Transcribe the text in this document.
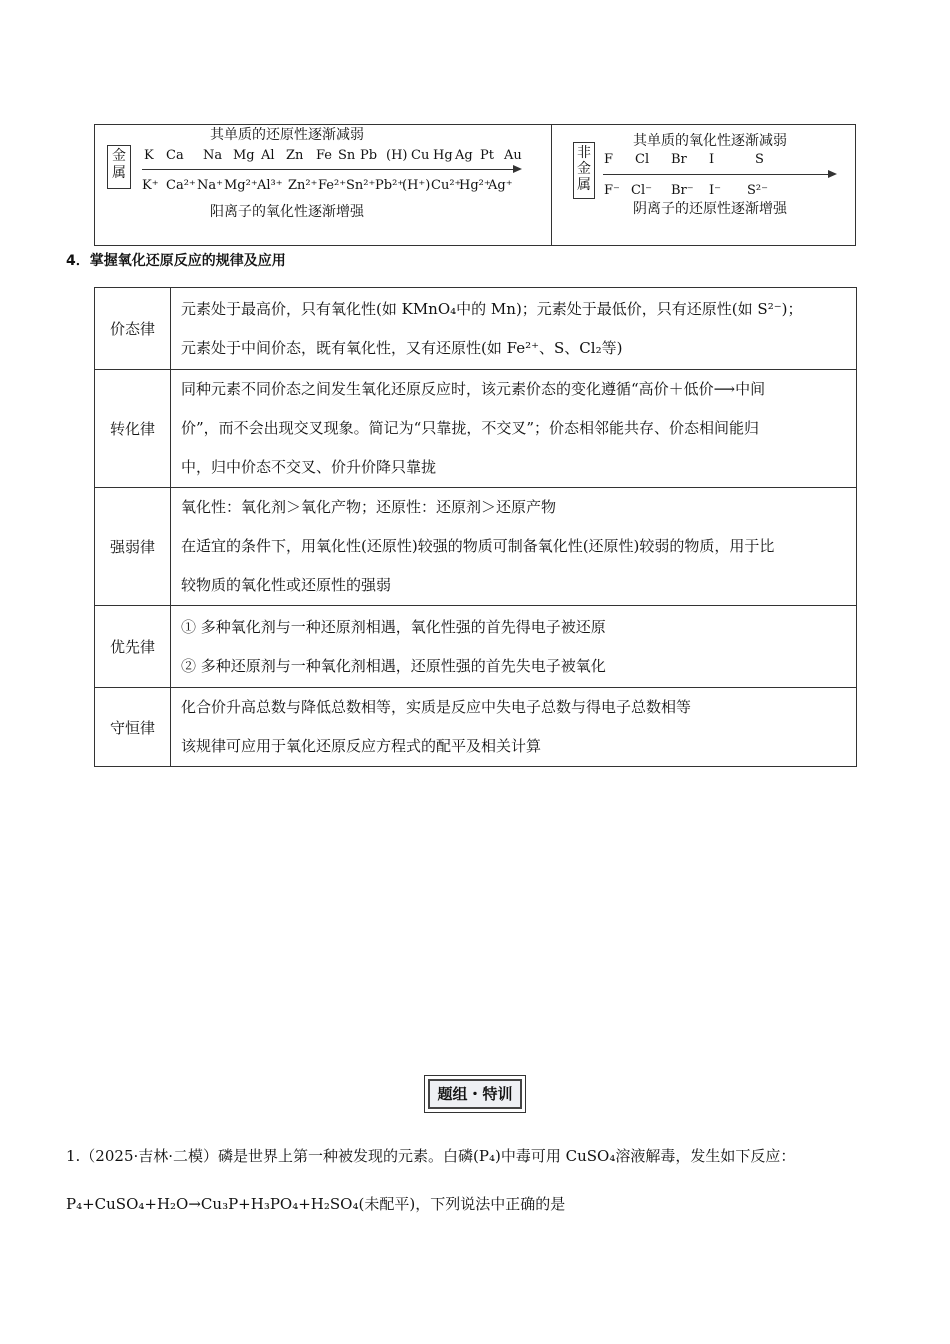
金属
其单质的还原性逐渐减弱
K Ca Na Mg Al Zn Fe Sn Pb (H) Cu Hg Ag Pt Au
K⁺ Ca²⁺ Na⁺ Mg²⁺ Al³⁺ Zn²⁺ Fe²⁺ Sn²⁺ Pb²⁺
(H⁺) Cu²⁺
Hg²⁺
Ag⁺
阳离子的氧化性逐渐增强
非金属
其单质的氧化性逐渐减弱
F Cl Br I	S
F⁻ Cl⁻ Br⁻ I⁻ S²⁻
阴离子的还原性逐渐增强
4．掌握氧化还原反应的规律及应用
价态律	元素处于最高价，只有氧化性(如 KMnO₄中的 Mn)；元素处于最低价，只有还原性(如 S²⁻)；
元素处于中间价态，既有氧化性，又有还原性(如 Fe²⁺、S、Cl₂等)

转化律	同种元素不同价态之间发生氧化还原反应时，该元素价态的变化遵循“高价＋低价⟶中间
价”，而不会出现交叉现象。简记为“只靠拢，不交叉”；价态相邻能共存、价态相间能归
中，归中价态不交叉、价升价降只靠拢

强弱律	氧化性：氧化剂＞氧化产物；还原性：还原剂＞还原产物
在适宜的条件下，用氧化性(还原性)较强的物质可制备氧化性(还原性)较弱的物质，用于比
较物质的氧化性或还原性的强弱

优先律	① 多种氧化剂与一种还原剂相遇，氧化性强的首先得电子被还原
② 多种还原剂与一种氧化剂相遇，还原性强的首先失电子被氧化

守恒律	化合价升高总数与降低总数相等，实质是反应中失电子总数与得电子总数相等
该规律可应用于氧化还原反应方程式的配平及相关计算
题组・特训
1.（2025·吉林·二模）磷是世界上第一种被发现的元素。白磷(P₄)中毒可用 CuSO₄溶液解毒，发生如下反应：
P₄+CuSO₄+H₂O→Cu₃P+H₃PO₄+H₂SO₄(未配平)，下列说法中正确的是
